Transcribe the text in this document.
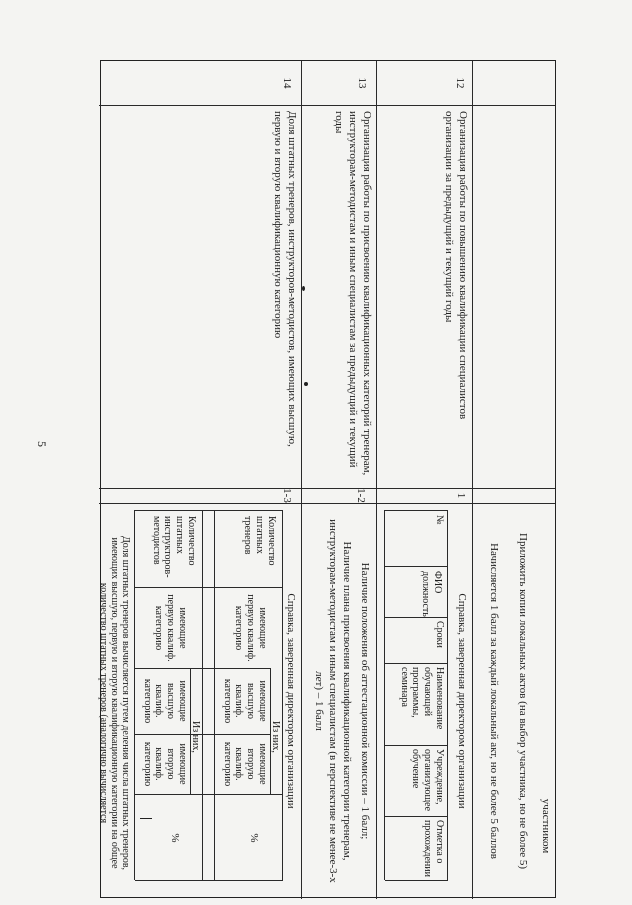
5
участником
Приложить копии локальных актов (на выбор участника, но не более 5)
Начисляется 1 балл за каждый локальный акт, но не более 5 баллов
12
Организация работы по повышению квалификации специалистов организации за предыдущий и текущий годы
1
Справка, заверенная директором организации
№
ФИО должность
Сроки
Наименование обучающей программы, семинара
Учреждение, организующее обучение
Отметка о прохождении
13
Организация работы по присвоению квалификационных категорий тренерам, инструкторам-методистам и иным специалистам за предыдущий и текущий годы
1-2
Наличие положения об аттестационной комиссии – 1 балл;
Наличие плана присвоения квалификационной категории тренерам, инструкторам-методистам и иным специалистам (в перспективе не менее-3-х лет) – 1 балл
14
Доля штатных тренеров, инструкторов-методистов, имеющих высшую, первую и вторую квалификационную категорию
1-3
Справка, заверенная директором организации
Количество штатных тренеров
Из них,
имеющие первую квалиф. категорию
имеющие высшую квалиф. категорию
имеющие вторую квалиф. категорию
%
Количество штатных инструкторов-методистов
Из них,
имеющие первую квалиф. категорию
имеющие высшую квалиф. категорию
имеющие вторую квалиф. категорию
%
Доля штатных тренеров вычисляется путем деления числа штатных тренеров, имеющих высшую, первую и вторую квалификационную категории на общее количество штатных тренеров (аналогично вычисляется
